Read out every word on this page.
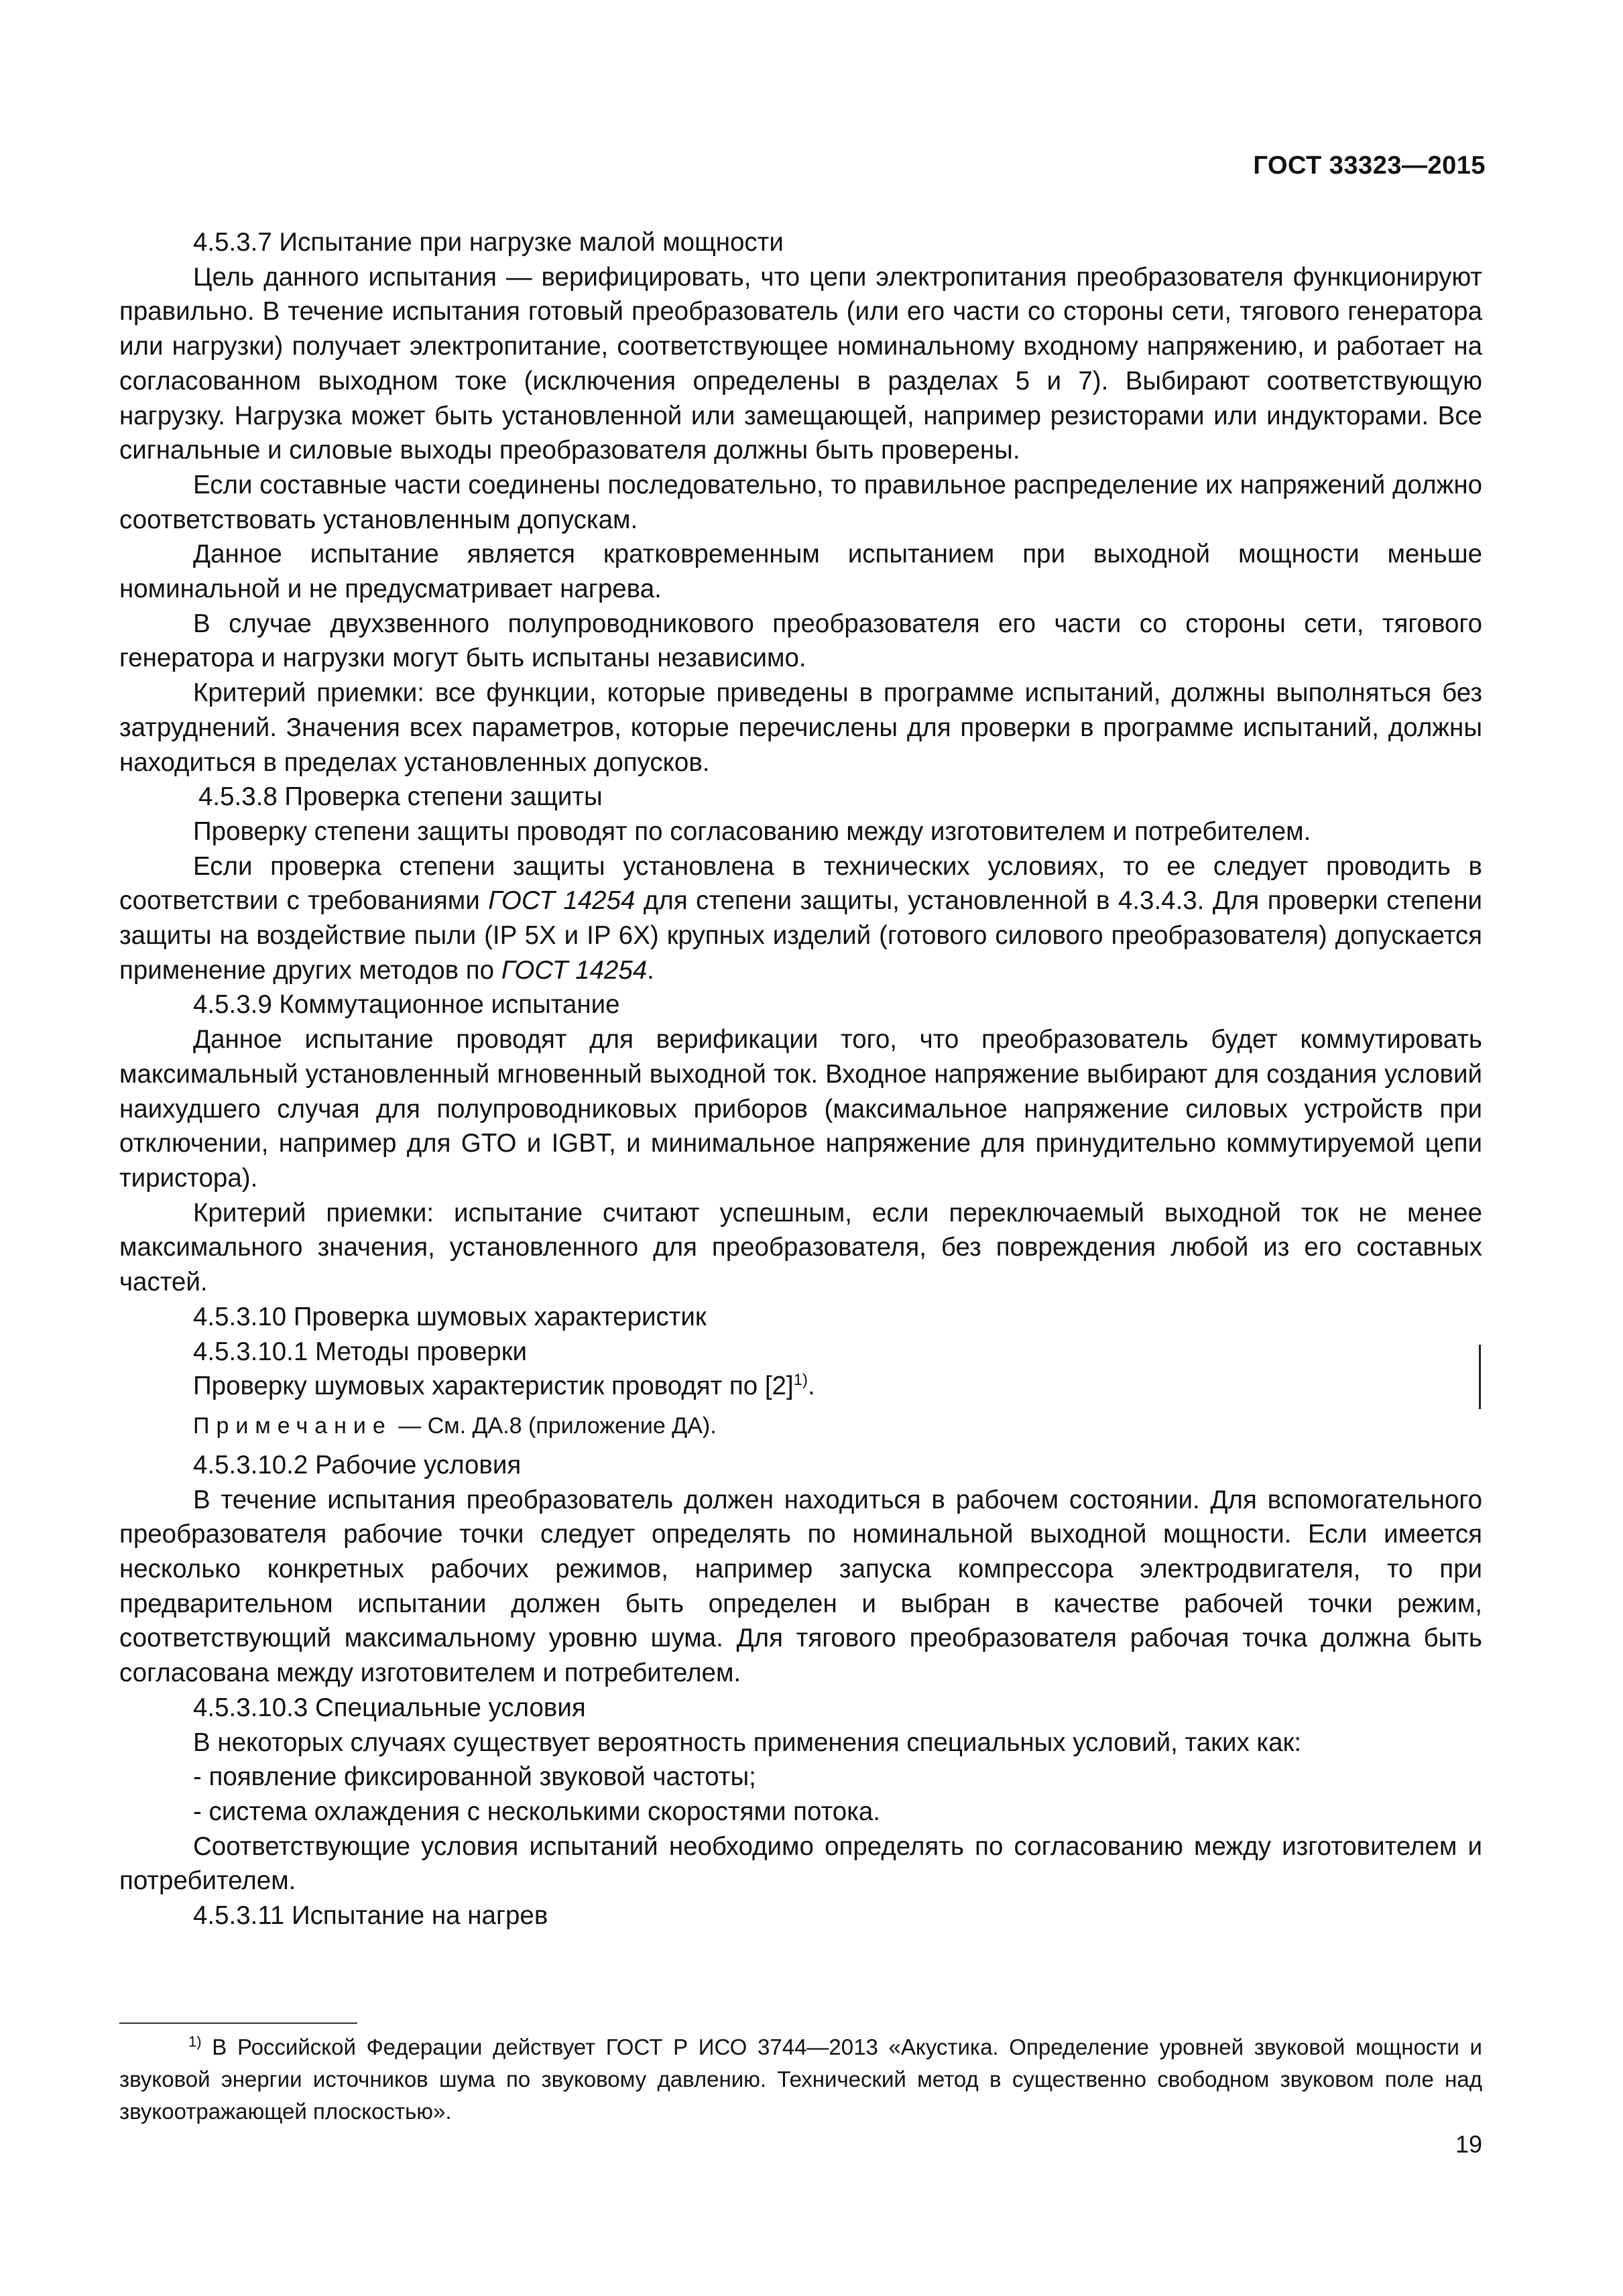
ГОСТ 33323—2015

4.5.3.7 Испытание при нагрузке малой мощности

Цель данного испытания — верифицировать, что цепи электропитания преобразователя функционируют правильно. В течение испытания готовый преобразователь (или его части со стороны сети, тягового генератора или нагрузки) получает электропитание, соответствующее номинальному входному напряжению, и работает на согласованном выходном токе (исключения определены в разделах 5 и 7). Выбирают соответствующую нагрузку. Нагрузка может быть установленной или замещающей, например резисторами или индукторами. Все сигнальные и силовые выходы преобразователя должны быть проверены.

Если составные части соединены последовательно, то правильное распределение их напряжений должно соответствовать установленным допускам.

Данное испытание является кратковременным испытанием при выходной мощности меньше номинальной и не предусматривает нагрева.

В случае двухзвенного полупроводникового преобразователя его части со стороны сети, тягового генератора и нагрузки могут быть испытаны независимо.

Критерий приемки: все функции, которые приведены в программе испытаний, должны выполняться без затруднений. Значения всех параметров, которые перечислены для проверки в программе испытаний, должны находиться в пределах установленных допусков.

4.5.3.8 Проверка степени защиты

Проверку степени защиты проводят по согласованию между изготовителем и потребителем.

Если проверка степени защиты установлена в технических условиях, то ее следует проводить в соответствии с требованиями ГОСТ 14254 для степени защиты, установленной в 4.3.4.3. Для проверки степени защиты на воздействие пыли (IP 5X и IP 6X) крупных изделий (готового силового преобразователя) допускается применение других методов по ГОСТ 14254.

4.5.3.9 Коммутационное испытание

Данное испытание проводят для верификации того, что преобразователь будет коммутировать максимальный установленный мгновенный выходной ток. Входное напряжение выбирают для создания условий наихудшего случая для полупроводниковых приборов (максимальное напряжение силовых устройств при отключении, например для GTO и IGBT, и минимальное напряжение для принудительно коммутируемой цепи тиристора).

Критерий приемки: испытание считают успешным, если переключаемый выходной ток не менее максимального значения, установленного для преобразователя, без повреждения любой из его составных частей.

4.5.3.10 Проверка шумовых характеристик

4.5.3.10.1 Методы проверки

Проверку шумовых характеристик проводят по $[2]^{1)}$.

Примечание — См. ДА.8 (приложение ДА).

4.5.3.10.2 Рабочие условия

В течение испытания преобразователь должен находиться в рабочем состоянии. Для вспомогательного преобразователя рабочие точки следует определять по номинальной выходной мощности. Если имеется несколько конкретных рабочих режимов, например запуска компрессора электродвигателя, то при предварительном испытании должен быть определен и выбран в качестве рабочей точки режим, соответствующий максимальному уровню шума. Для тягового преобразователя рабочая точка должна быть согласована между изготовителем и потребителем.

4.5.3.10.3 Специальные условия

В некоторых случаях существует вероятность применения специальных условий, таких как:

- появление фиксированной звуковой частоты;

- система охлаждения с несколькими скоростями потока.

Соответствующие условия испытаний необходимо определять по согласованию между изготовителем и потребителем.

4.5.3.11 Испытание на нагрев

$^{1)}$ В Российской Федерации действует ГОСТ Р ИСО 3744—2013 «Акустика. Определение уровней звуковой мощности и звуковой энергии источников шума по звуковому давлению. Технический метод в существенно свободном звуковом поле над звукоотражающей плоскостью».
19
